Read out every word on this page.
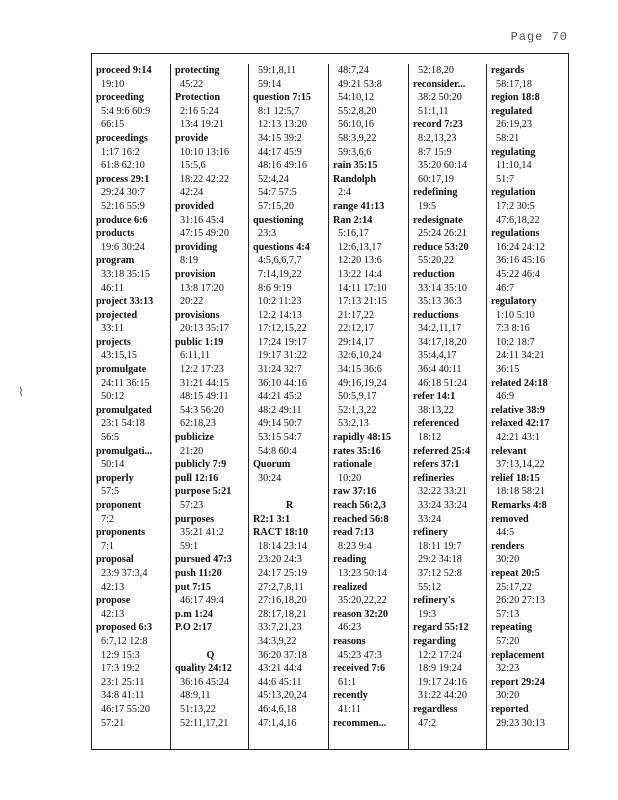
Page 70
⌇
proceed 9:14
19:10
proceeding
5:4 9:6 60:9
66:15
proceedings
1:17 16:2
61:8 62:10
process 29:1
29:24 30:7
52:16 55:9
produce 6:6
products
19:6 30:24
program
33:18 35:15
46:11
project 33:13
projected
33:11
projects
43:15,15
promulgate
24:11 36:15
50:12
promulgated
23:1 54:18
56:5
promulgati...
50:14
properly
57:5
proponent
7:2
proponents
7:1
proposal
23:9 37:3,4
42:13
propose
42:13
proposed 6:3
6:7,12 12:8
12:9 15:3
17:3 19:2
23:1 25:11
34:8 41:11
46:17 55:20
57:21
protecting
45:22
Protection
2:16 5:24
13:4 19:21
provide
10:10 13:16
15:5,6
18:22 42:22
42:24
provided
31:16 45:4
47:15 49:20
providing
8:19
provision
13:8 17:20
20:22
provisions
20:13 35:17
public 1:19
6:11,11
12:2 17:23
31:21 44:15
48:15 49:11
54:3 56:20
62:18,23
publicize
21:20
publicly 7:9
pull 12:16
purpose 5:21
57:23
purposes
35:21 41:2
59:1
pursued 47:3
push 11:20
put 7:15
46:17 49:4
p.m 1:24
P.O 2:17
Q
quality 24:12
36:16 45:24
48:9,11
51:13,22
52:11,17,21
59:1,8,11
59:14
question 7:15
8:1 12:5,7
12:13 13:20
34:15 39:2
44:17 45:9
48:16 49:16
52:4,24
54:7 57:5
57:15,20
questioning
23:3
questions 4:4
4:5,6,6,7,7
7:14,19,22
8:6 9:19
10:2 11:23
12:2 14:13
17:12,15,22
17:24 19:17
19:17 31:22
31:24 32:7
36:10 44:16
44:21 45:2
48:2 49:11
49:14 50:7
53:15 54:7
54:8 60:4
Quorum
30:24
R
R2:1 3:1
RACT 18:10
18:14 23:14
23:20 24:3
24:17 25:19
27:2,7,8,11
27:16,18,20
28:17,18,21
33:7,21,23
34:3,9,22
36:20 37:18
43:21 44:4
44:6 45:11
45:13,20,24
46:4,6,18
47:1,4,16
48:7,24
49:21 53:8
54:10,12
55:2,8,20
56:10,16
58:3,9,22
59:3,6,6
rain 35:15
Randolph
2:4
range 41:13
Ran 2:14
5:16,17
12:6,13,17
12:20 13:6
13:22 14:4
14:11 17:10
17:13 21:15
21:17,22
22:12,17
29:14,17
32:6,10,24
34:15 36:6
49:16,19,24
50:5,9,17
52:1,3,22
53:2,13
rapidly 48:15
rates 35:16
rationale
10:20
raw 37:16
reach 56:2,3
reached 56:8
read 7:13
8:23 9:4
reading
13:23 50:14
realized
35:20,22,22
reason 32:20
46:23
reasons
45:23 47:3
received 7:6
61:1
recently
41:11
recommen...
52:18,20
reconsider...
38:2 50:20
51:1,11
record 7:23
8:2,13,23
8:7 15:9
35:20 60:14
60:17,19
redefining
19:5
redesignate
25:24 26:21
reduce 53:20
55:20,22
reduction
33:14 35:10
35:13 36:3
reductions
34:2,11,17
34:17,18,20
35:4,4,17
36:4 40:11
46:18 51:24
refer 14:1
38:13,22
referenced
18:12
referred 25:4
refers 37:1
refineries
32:22 33:21
33:24 33:24
33:24
refinery
18:11 19:7
29:2 34:18
37:12 52:8
55:12
refinery's
19:3
regard 55:12
regarding
12:2 17:24
18:9 19:24
19:17 24:16
31:22 44:20
regardless
47:2
regards
58:17,18
region 18:8
regulated
26:19,23
58:21
regulating
11:10,14
51:7
regulation
17:2 30:5
47:6,18,22
regulations
16:24 24:12
36:16 45:16
45:22 46:4
46:7
regulatory
1:10 5:10
7:3 8:16
10:2 18:7
24:11 34:21
36:15
related 24:18
46:9
relative 38:9
relaxed 42:17
42:21 43:1
relevant
37:13,14,22
relief 18:15
18:18 58:21
Remarks 4:8
removed
44:5
renders
30:20
repeat 20:5
25:17,22
26:20 27:13
57:13
repeating
57:20
replacement
32:23
report 29:24
30:20
reported
29:23 30:13
